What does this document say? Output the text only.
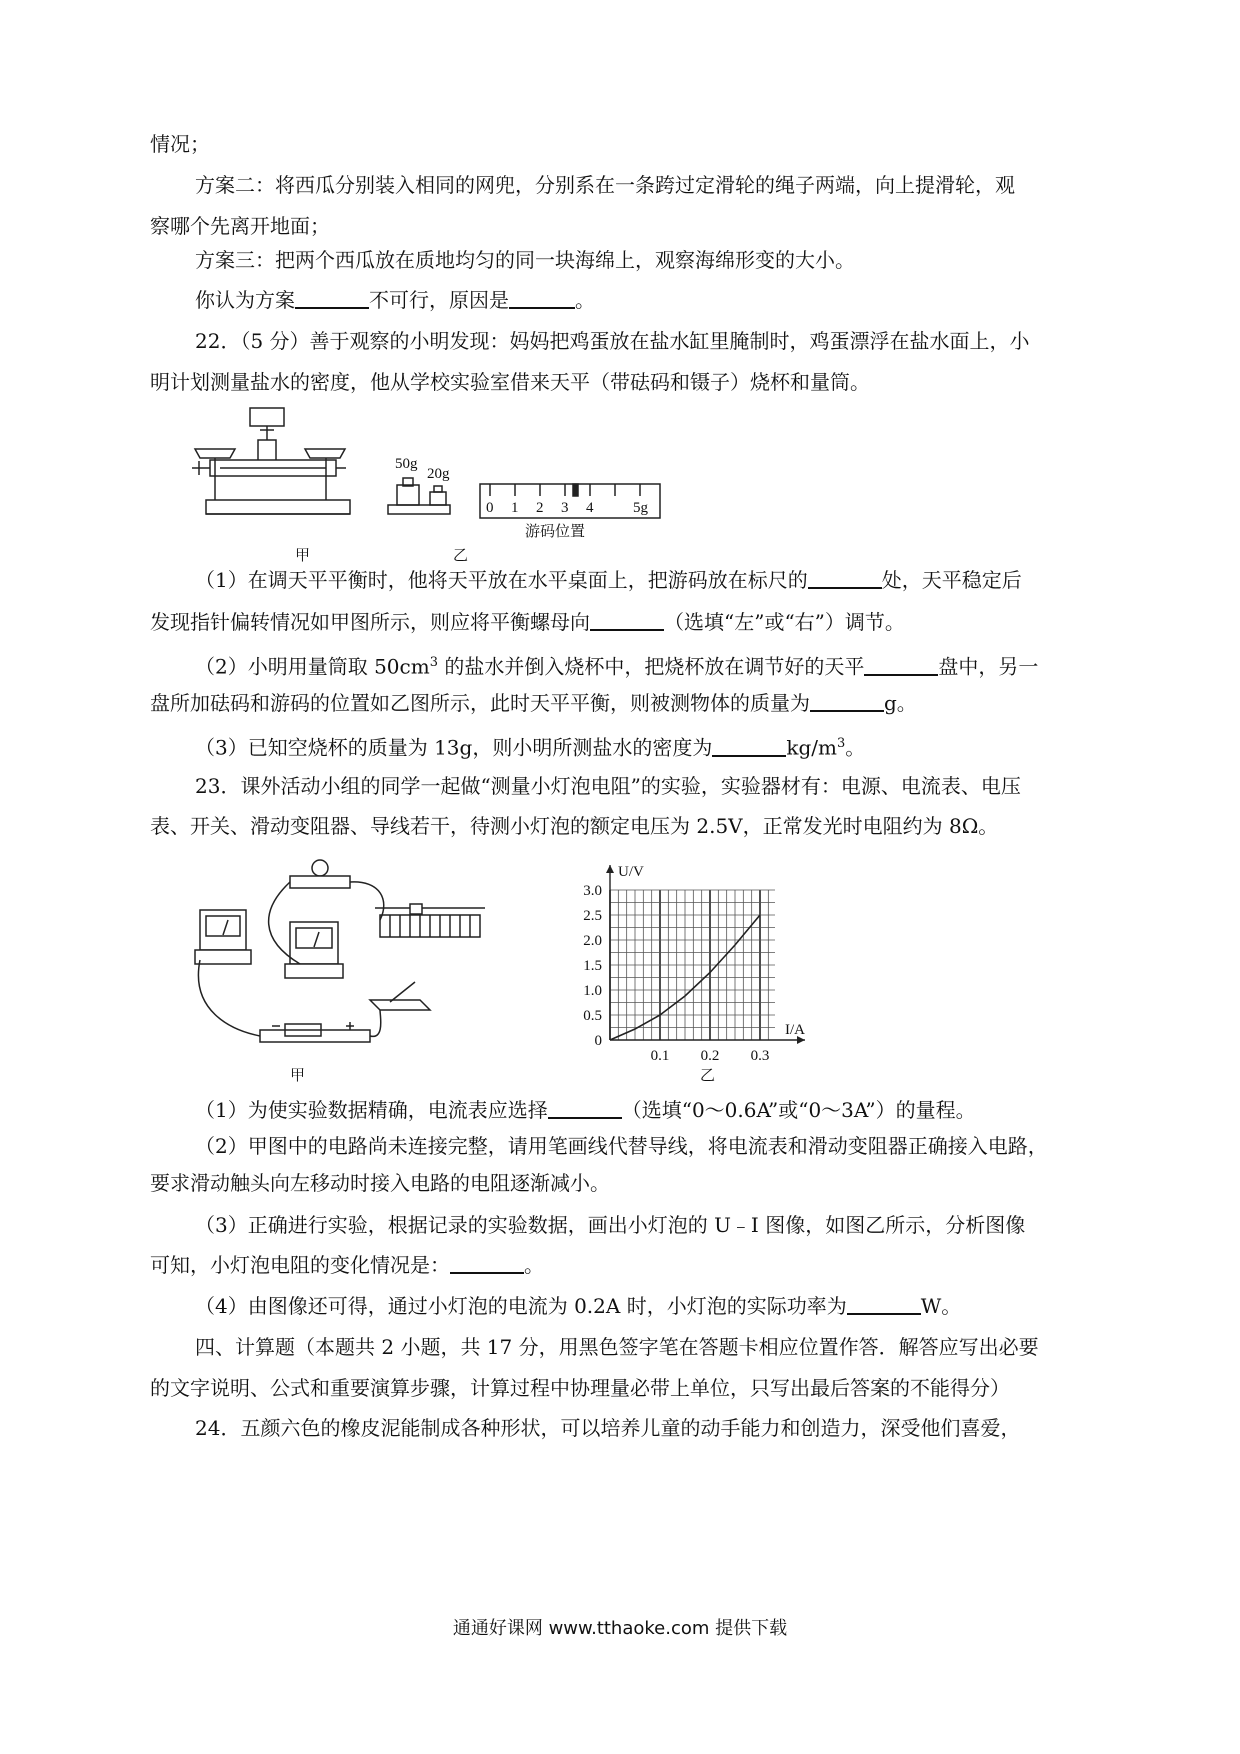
情况；
方案二：将西瓜分别装入相同的网兜，分别系在一条跨过定滑轮的绳子两端，向上提滑轮，观
察哪个先离开地面；
方案三：把两个西瓜放在质地均匀的同一块海绵上，观察海绵形变的大小。
你认为方案	不可行，原因是	。
22．（5 分）善于观察的小明发现：妈妈把鸡蛋放在盐水缸里腌制时，鸡蛋漂浮在盐水面上，小
明计划测量盐水的密度，他从学校实验室借来天平（带砝码和镊子）烧杯和量筒。
50g
20g
0 1 2 3 4	5g
游码位置
甲	乙
（1）在调天平平衡时，他将天平放在水平桌面上，把游码放在标尺的	处，天平稳定后
发现指针偏转情况如甲图所示，则应将平衡螺母向	（选填“左”或“右”）调节。
（2）小明用量筒取 $50cm^3$ 的盐水并倒入烧杯中，把烧杯放在调节好的天平	盘中，另一
盘所加砝码和游码的位置如乙图所示，此时天平平衡，则被测物体的质量为	g。
（3）已知空烧杯的质量为 13g，则小明所测盐水的密度为	$kg/m^3$。
23．课外活动小组的同学一起做“测量小灯泡电阻”的实验，实验器材有：电源、电流表、电压
表、开关、滑动变阻器、导线若干，待测小灯泡的额定电压为 2.5V，正常发光时电阻约为 8Ω。
甲
0
0.5
1.0
1.5
2.0
2.5
3.0
0.1 0.2 0.3
I/A
U/V
乙
（1）为使实验数据精确，电流表应选择	（选填“0～0.6A”或“0～3A”）的量程。
（2）甲图中的电路尚未连接完整，请用笔画线代替导线，将电流表和滑动变阻器正确接入电路，
要求滑动触头向左移动时接入电路的电阻逐渐减小。
（3）正确进行实验，根据记录的实验数据，画出小灯泡的 U﹣I 图像，如图乙所示，分析图像
可知，小灯泡电阻的变化情况是：	。
（4）由图像还可得，通过小灯泡的电流为 0.2A 时，小灯泡的实际功率为	W。
四、计算题（本题共 2 小题，共 17 分，用黑色签字笔在答题卡相应位置作答．解答应写出必要
的文字说明、公式和重要演算步骤，计算过程中协理量必带上单位，只写出最后答案的不能得分）
24．五颜六色的橡皮泥能制成各种形状，可以培养儿童的动手能力和创造力，深受他们喜爱，
通通好课网 www.tthaoke.com 提供下载
